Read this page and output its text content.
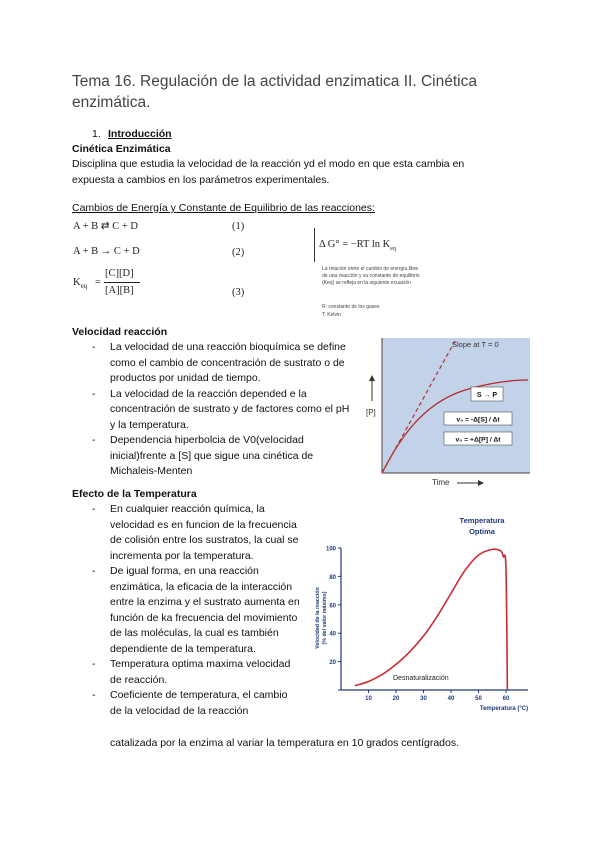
Tema 16. Regulación de la actividad enzimatica II. Cinética enzimática.
1. Introducción
Cinética Enzimática
Disciplina que estudia la velocidad de la reacción yd el modo en que esta cambia en expuesta a cambios en los parámetros experimentales.
Cambios de Energía y Constante de Equilibrio de las reacciones:
A + B ⇄ C + D	(1)
A + B → C + D	(2)
$K_{eq}$ =
[C][D]
[A][B]	(3)
Δ G° = −RT $\ln K_{eq}$
La relación entre el cambio de energía libre de una reacción y su constante de equilibrio (Keq) se refleja en la siguiente ecuación
R: constante de los gases
T: Kelvin
Velocidad reacción
- La velocidad de una reacción bioquímica se define como el cambio de concentración de sustrato o de productos por unidad de tiempo.
- La velocidad de la reacción depended e la concentración de sustrato y de factores como el pH y la temperatura.
- Dependencia hiperbolcia de V0(velocidad inicial)frente a [S] que sigue una cinética de Michaleis-Menten
Slope at T = 0
S → P
v₀ = -Δ[S] / Δt
v₀ = +Δ[P] / Δt
[P]
Time
Efecto de la Temperatura
- En cualquier reacción química, la velocidad es en funcion de la frecuencia de colisión entre los sustratos, la cual se incrementa por la temperatura.
- De igual forma, en una reacción enzimática, la eficacia de la interacción entre la enzima y el sustrato aumenta en función de ka frecuencia del movimiento de las moléculas, la cual es también dependiente de la temperatura.
- Temperatura optima maxima velocidad de reacción.
- Coeficiente de temperatura, el cambio de la velocidad de la reacción
catalizada por la enzima al variar la temperatura en 10 grados centígrados.
Temperatura
Optima
20
40
60
80
100
10	20	30	40	50	60
Desnaturalización
Temperatura (°C)
Velocidad de la reacción (% del valor máximo)
